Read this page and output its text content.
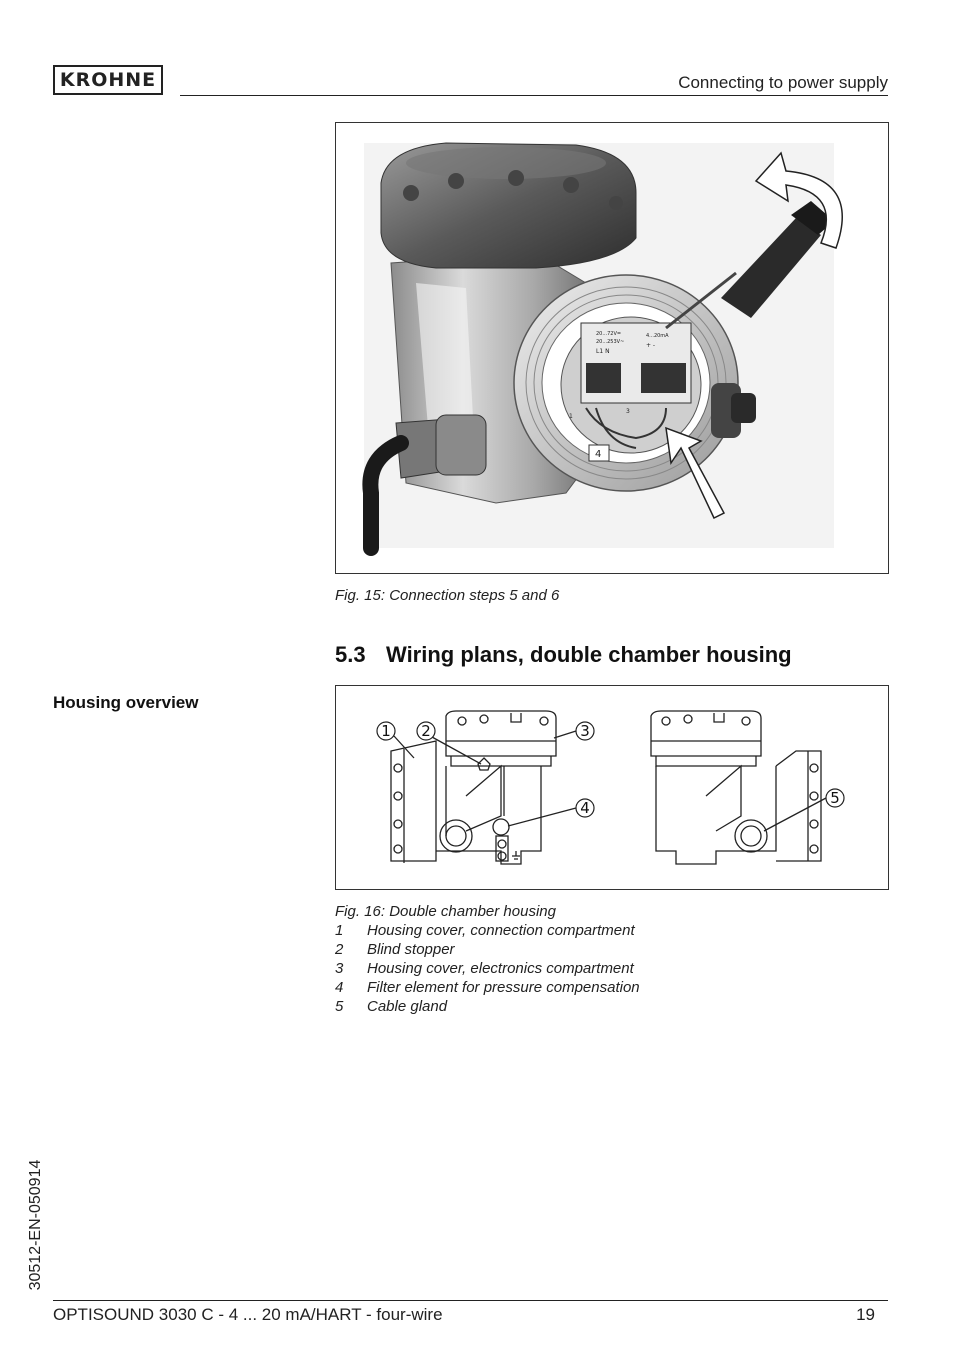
KROHNE	Connecting to power supply
20...72V=
20...253V~
L1 N
4...20mA
+ -
1
3
4
Fig. 15: Connection steps 5 and 6
5.3 Wiring plans, double chamber housing
Housing overview
1 2	3
4
5
Fig. 16: Double chamber housing
1	Housing cover, connection compartment
2	Blind stopper
3	Housing cover, electronics compartment
4	Filter element for pressure compensation
5	Cable gland
30512-EN-050914
OPTISOUND 3030 C - 4 ... 20 mA/HART - four-wire	19
